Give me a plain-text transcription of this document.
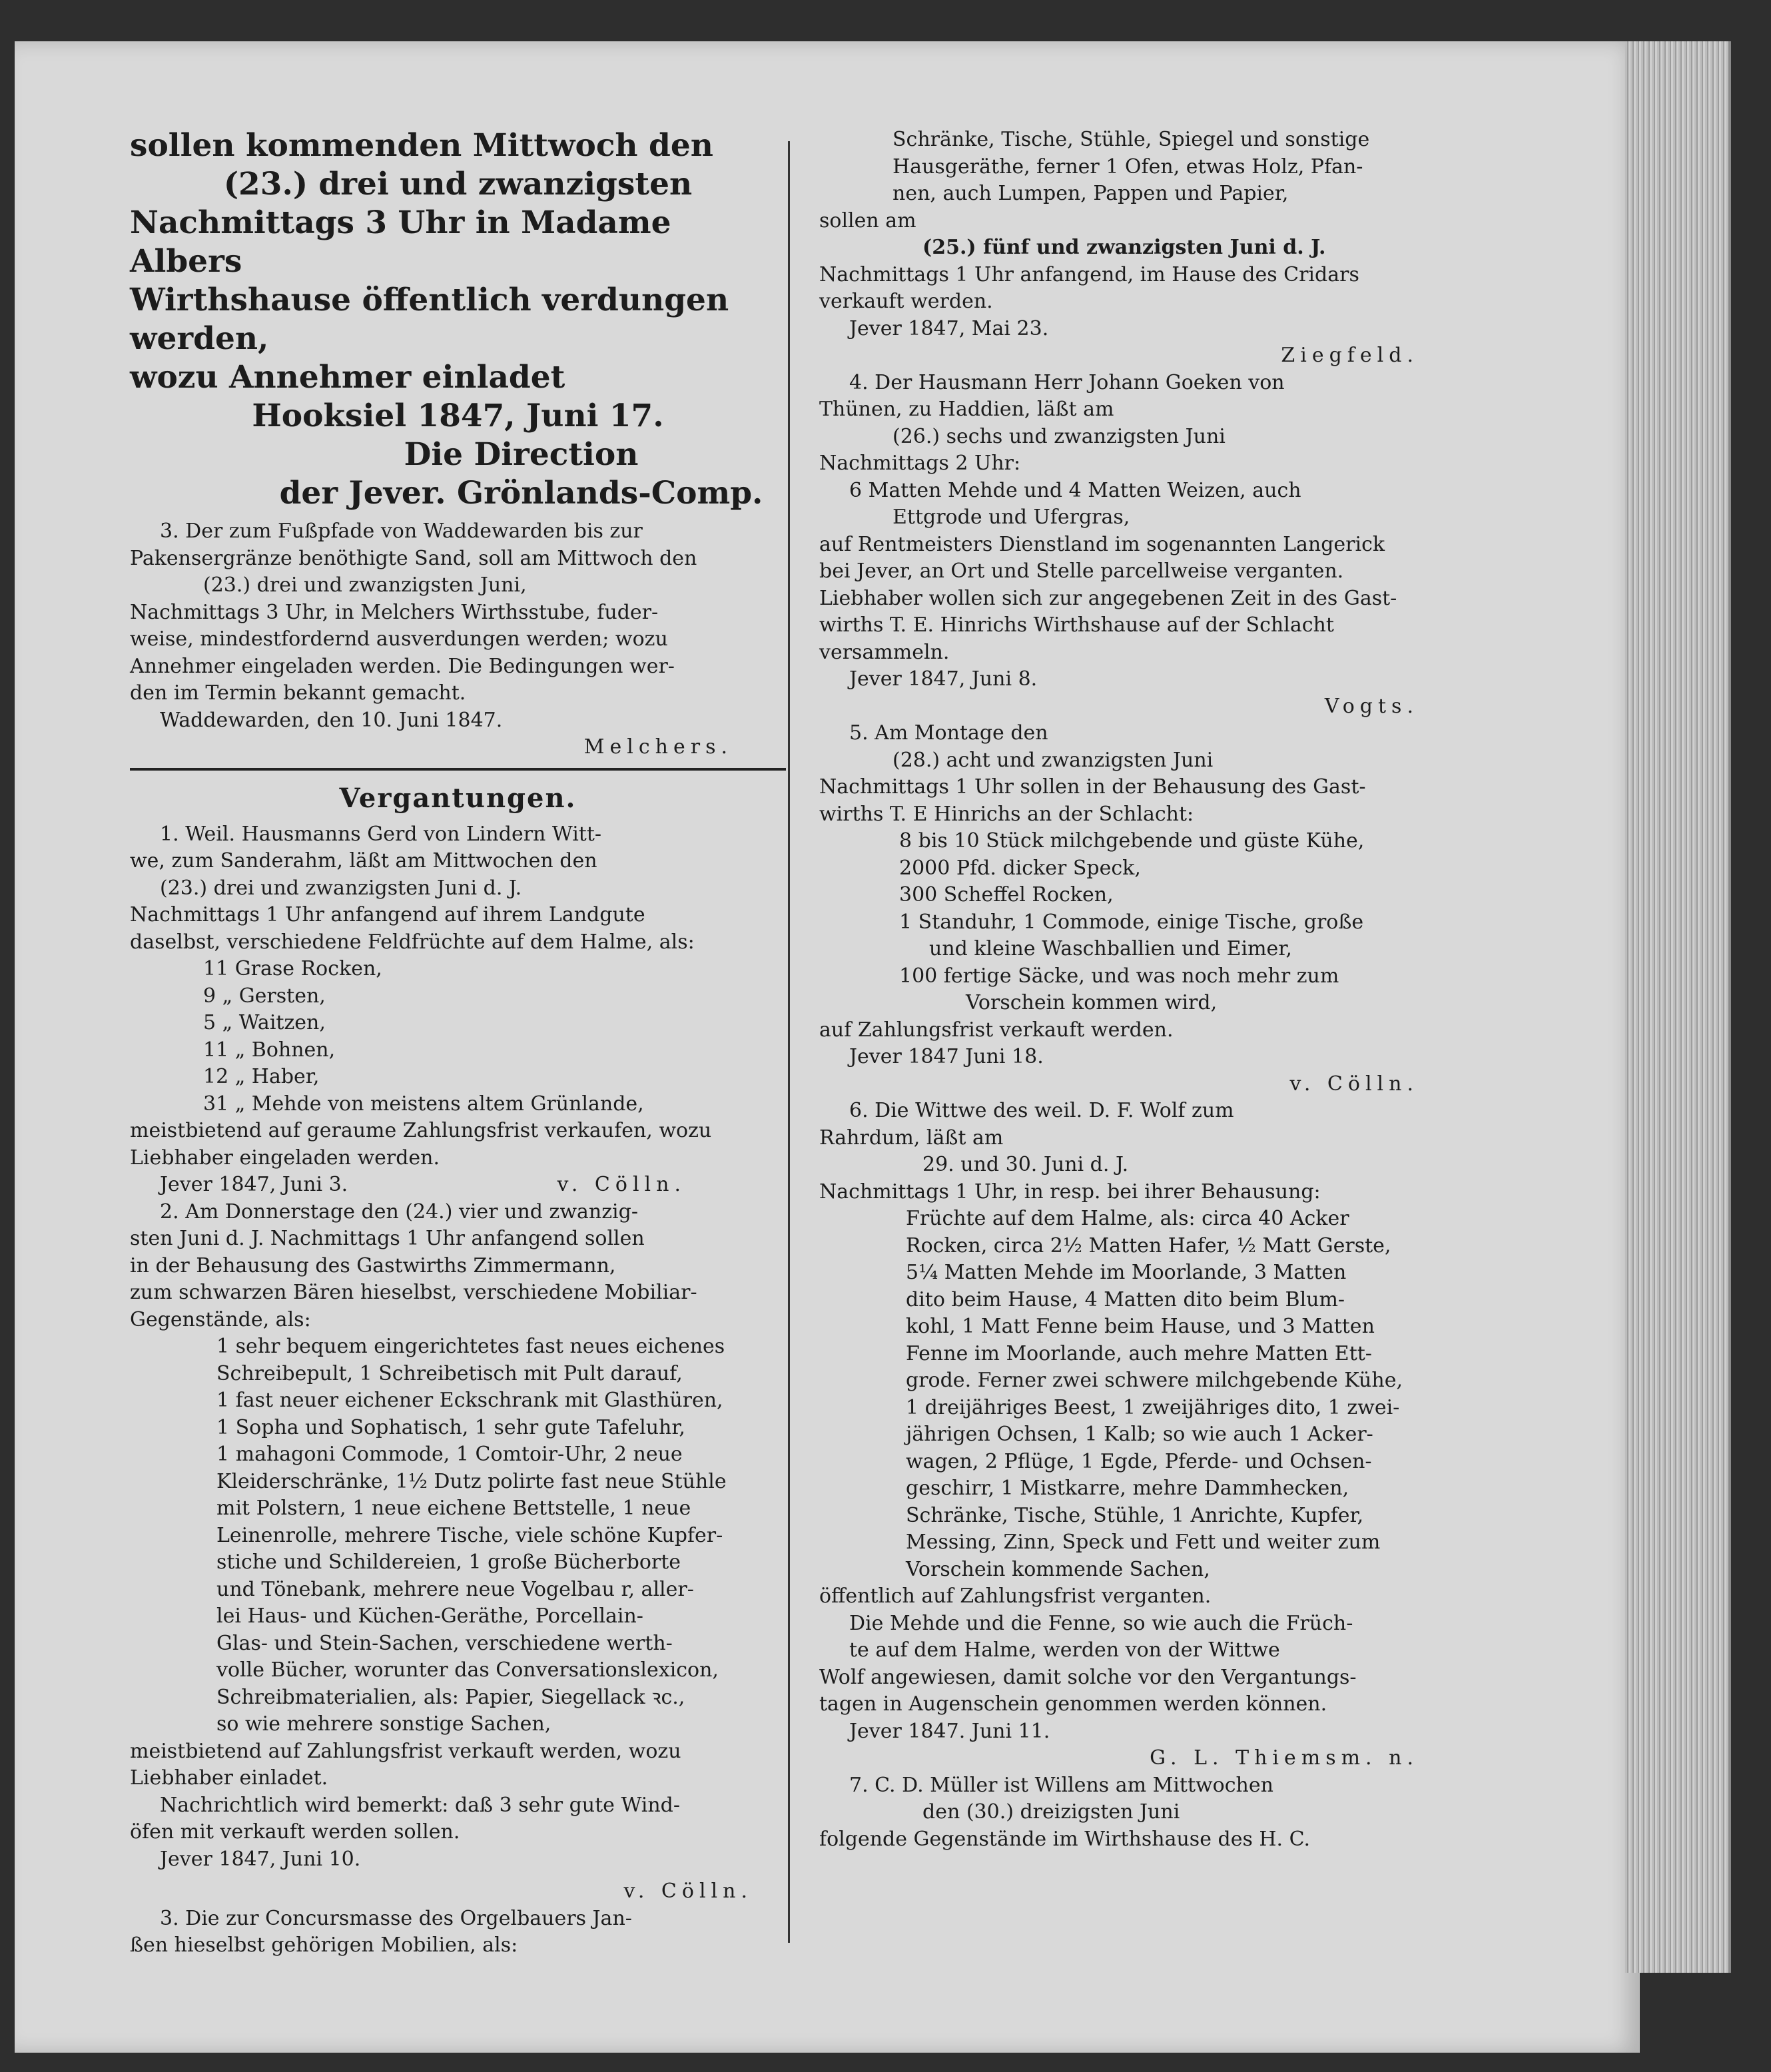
sollen kommenden Mittwoch den

(23.) drei und zwanzigsten

Nachmittags 3 Uhr in Madame Albers

Wirthshause öffentlich verdungen werden,

wozu Annehmer einladet

Hooksiel 1847, Juni 17.

Die Direction

der Jever. Grönlands-Comp.

3. Der zum Fußpfade von Waddewarden bis zur

Pakensergränze benöthigte Sand, soll am Mittwoch den

(23.) drei und zwanzigsten Juni,

Nachmittags 3 Uhr, in Melchers Wirthsstube, fuder-

weise, mindestfordernd ausverdungen werden; wozu

Annehmer eingeladen werden. Die Bedingungen wer-

den im Termin bekannt gemacht.

Waddewarden, den 10. Juni 1847.

Melchers.

Vergantungen.

1. Weil. Hausmanns Gerd von Lindern Witt-

we, zum Sanderahm, läßt am Mittwochen den

(23.) drei und zwanzigsten Juni d. J.

Nachmittags 1 Uhr anfangend auf ihrem Landgute

daselbst, verschiedene Feldfrüchte auf dem Halme, als:

11 Grase Rocken,

9 „ Gersten,

5 „ Waitzen,

11 „ Bohnen,

12 „ Haber,

31 „ Mehde von meistens altem Grünlande,

meistbietend auf geraume Zahlungsfrist verkaufen, wozu

Liebhaber eingeladen werden.

Jever 1847, Juni 3.	v. Cölln.

2. Am Donnerstage den (24.) vier und zwanzig-

sten Juni d. J. Nachmittags 1 Uhr anfangend sollen

in der Behausung des Gastwirths Zimmermann,

zum schwarzen Bären hieselbst, verschiedene Mobiliar-

Gegenstände, als:

1 sehr bequem eingerichtetes fast neues eichenes

Schreibepult, 1 Schreibetisch mit Pult darauf,

1 fast neuer eichener Eckschrank mit Glasthüren,

1 Sopha und Sophatisch, 1 sehr gute Tafeluhr,

1 mahagoni Commode, 1 Comtoir-Uhr, 2 neue

Kleiderschränke, 1½ Dutz polirte fast neue Stühle

mit Polstern, 1 neue eichene Bettstelle, 1 neue

Leinenrolle, mehrere Tische, viele schöne Kupfer-

stiche und Schildereien, 1 große Bücherborte

und Tönebank, mehrere neue Vogelbau r, aller-

lei Haus- und Küchen-Geräthe, Porcellain-

Glas- und Stein-Sachen, verschiedene werth-

volle Bücher, worunter das Conversationslexicon,

Schreibmaterialien, als: Papier, Siegellack ꝛc.,

so wie mehrere sonstige Sachen,

meistbietend auf Zahlungsfrist verkauft werden, wozu

Liebhaber einladet.

Nachrichtlich wird bemerkt: daß 3 sehr gute Wind-

öfen mit verkauft werden sollen.

Jever 1847, Juni 10.

v. Cölln.

3. Die zur Concursmasse des Orgelbauers Jan-

ßen hieselbst gehörigen Mobilien, als:

Schränke, Tische, Stühle, Spiegel und sonstige

Hausgeräthe, ferner 1 Ofen, etwas Holz, Pfan-

nen, auch Lumpen, Pappen und Papier,

sollen am

(25.) fünf und zwanzigsten Juni d. J.

Nachmittags 1 Uhr anfangend, im Hause des Cridars

verkauft werden.

Jever 1847, Mai 23.

Ziegfeld.

4. Der Hausmann Herr Johann Goeken von

Thünen, zu Haddien, läßt am

(26.) sechs und zwanzigsten Juni

Nachmittags 2 Uhr:

6 Matten Mehde und 4 Matten Weizen, auch

Ettgrode und Ufergras,

auf Rentmeisters Dienstland im sogenannten Langerick

bei Jever, an Ort und Stelle parcellweise verganten.

Liebhaber wollen sich zur angegebenen Zeit in des Gast-

wirths T. E. Hinrichs Wirthshause auf der Schlacht

versammeln.

Jever 1847, Juni 8.

Vogts.

5. Am Montage den

(28.) acht und zwanzigsten Juni

Nachmittags 1 Uhr sollen in der Behausung des Gast-

wirths T. E Hinrichs an der Schlacht:

8 bis 10 Stück milchgebende und güste Kühe,

2000 Pfd. dicker Speck,

300 Scheffel Rocken,

1 Standuhr, 1 Commode, einige Tische, große

und kleine Waschballien und Eimer,

100 fertige Säcke, und was noch mehr zum

Vorschein kommen wird,

auf Zahlungsfrist verkauft werden.

Jever 1847 Juni 18.

v. Cölln.

6. Die Wittwe des weil. D. F. Wolf zum

Rahrdum, läßt am

29. und 30. Juni d. J.

Nachmittags 1 Uhr, in resp. bei ihrer Behausung:

Früchte auf dem Halme, als: circa 40 Acker

Rocken, circa 2½ Matten Hafer, ½ Matt Gerste,

5¼ Matten Mehde im Moorlande, 3 Matten

dito beim Hause, 4 Matten dito beim Blum-

kohl, 1 Matt Fenne beim Hause, und 3 Matten

Fenne im Moorlande, auch mehre Matten Ett-

grode. Ferner zwei schwere milchgebende Kühe,

1 dreijähriges Beest, 1 zweijähriges dito, 1 zwei-

jährigen Ochsen, 1 Kalb; so wie auch 1 Acker-

wagen, 2 Pflüge, 1 Egde, Pferde- und Ochsen-

geschirr, 1 Mistkarre, mehre Dammhecken,

Schränke, Tische, Stühle, 1 Anrichte, Kupfer,

Messing, Zinn, Speck und Fett und weiter zum

Vorschein kommende Sachen,

öffentlich auf Zahlungsfrist verganten.

Die Mehde und die Fenne, so wie auch die Früch-

te auf dem Halme, werden von der Wittwe

Wolf angewiesen, damit solche vor den Vergantungs-

tagen in Augenschein genommen werden können.

Jever 1847. Juni 11.

G. L. Thiemsm. n.

7. C. D. Müller ist Willens am Mittwochen

den (30.) dreizigsten Juni

folgende Gegenstände im Wirthshause des H. C.
